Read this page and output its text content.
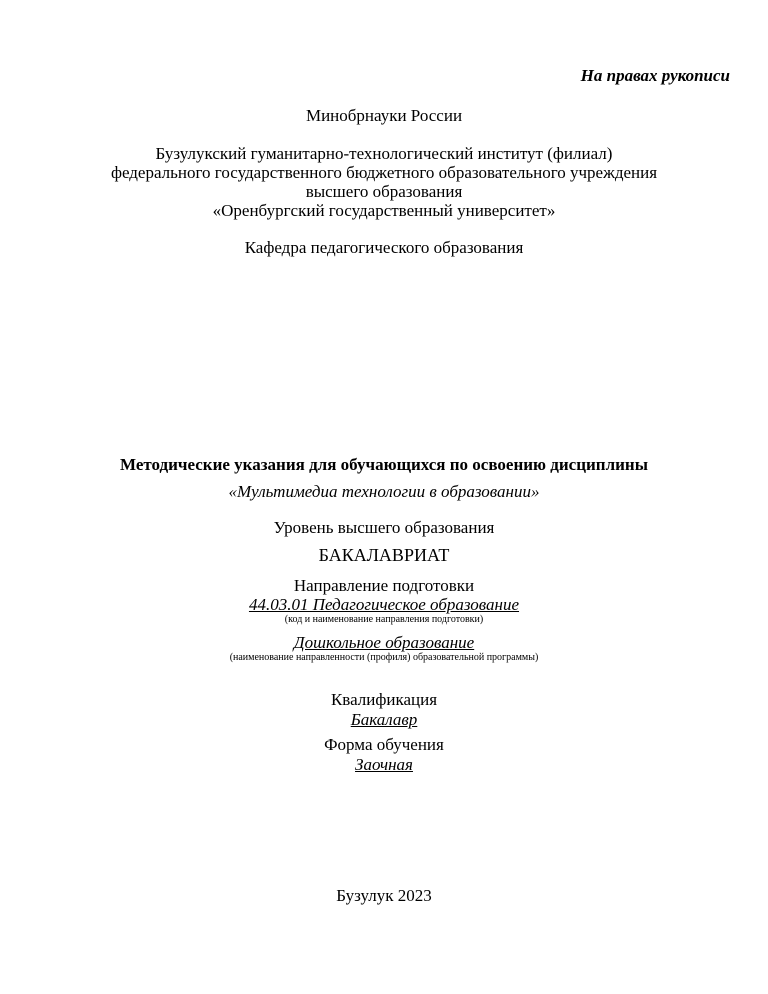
На правах рукописи
Минобрнауки России
Бузулукский гуманитарно-технологический институт (филиал)
федерального государственного бюджетного образовательного учреждения
высшего образования
«Оренбургский государственный университет»
Кафедра педагогического образования
Методические указания для обучающихся по освоению дисциплины
«Мультимедиа технологии в образовании»
Уровень высшего образования
БАКАЛАВРИАТ
Направление подготовки
44.03.01 Педагогическое образование
(код и наименование направления подготовки)
Дошкольное образование
(наименование направленности (профиля) образовательной программы)
Квалификация
Бакалавр
Форма обучения
Заочная
Бузулук 2023
